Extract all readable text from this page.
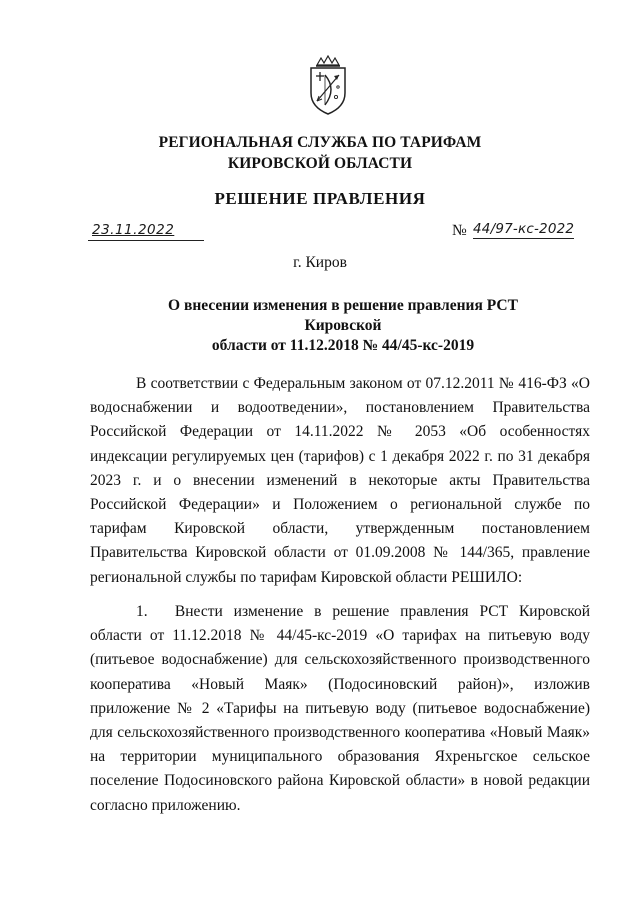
РЕГИОНАЛЬНАЯ СЛУЖБА ПО ТАРИФАМ
КИРОВСКОЙ ОБЛАСТИ
РЕШЕНИЕ ПРАВЛЕНИЯ
23.11.2022	№ 44/97-кс-2022
г. Киров
О внесении изменения в решение правления РСТ Кировской
области от 11.12.2018 № 44/45-кс-2019
В соответствии с Федеральным законом от 07.12.2011 № 416-ФЗ «О водоснабжении и водоотведении», постановлением Правительства Российской Федерации от 14.11.2022 № 2053 «Об особенностях индексации регулируемых цен (тарифов) с 1 декабря 2022 г. по 31 декабря 2023 г. и о внесении изменений в некоторые акты Правительства Российской Федерации» и Положением о региональной службе по тарифам Кировской области, утвержденным постановлением Правительства Кировской области от 01.09.2008 № 144/365, правление региональной службы по тарифам Кировской области РЕШИЛО:
1. Внести изменение в решение правления РСТ Кировской области от 11.12.2018 № 44/45-кс-2019 «О тарифах на питьевую воду (питьевое водоснабжение) для сельскохозяйственного производственного кооператива «Новый Маяк» (Подосиновский район)», изложив приложение № 2 «Тарифы на питьевую воду (питьевое водоснабжение) для сельскохозяйственного производственного кооператива «Новый Маяк» на территории муниципального образования Яхреньгское сельское поселение Подосиновского района Кировской области» в новой редакции согласно приложению.
